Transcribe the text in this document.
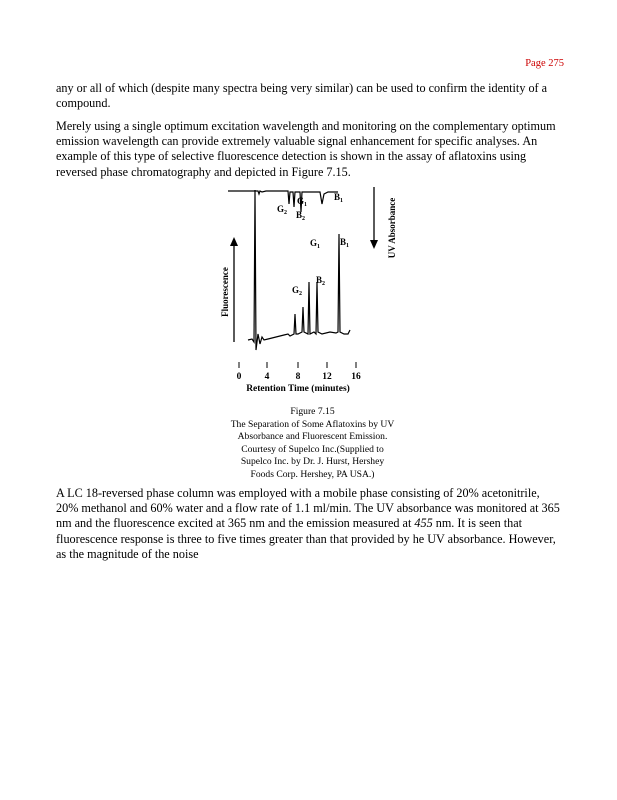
Page 275

any or all of which (despite many spectra being very similar) can be used to confirm the identity of a compound.

Merely using a single optimum excitation wavelength and monitoring on the complementary optimum emission wavelength can provide extremely valuable signal enhancement for specific analyses. An example of this type of selective fluorescence detection is shown in the assay of aflatoxins using reversed phase chromatography and depicted in Figure 7.15.

$G_2$
$G_1$
$B_2$
$B_1$	UV Absorbance
Fluorescence	$G_2$
$B_2$
$G_1$ $B_1$
0 4	8 12 16
Retention Time (minutes)
Figure 7.15
The Separation of Some Aflatoxins by UV
Absorbance and Fluorescent Emission.
Courtesy of Supelco Inc.(Supplied to
Supelco Inc. by Dr. J. Hurst, Hershey
Foods Corp. Hershey, PA USA.)

A LC 18-reversed phase column was employed with a mobile phase consisting of 20% acetonitrile, 20% methanol and 60% water and a flow rate of 1.1 ml/min. The UV absorbance was monitored at 365 nm and the fluorescence excited at 365 nm and the emission measured at 455 nm. It is seen that fluorescence response is three to five times greater than that provided by he UV absorbance. However, as the magnitude of the noise
